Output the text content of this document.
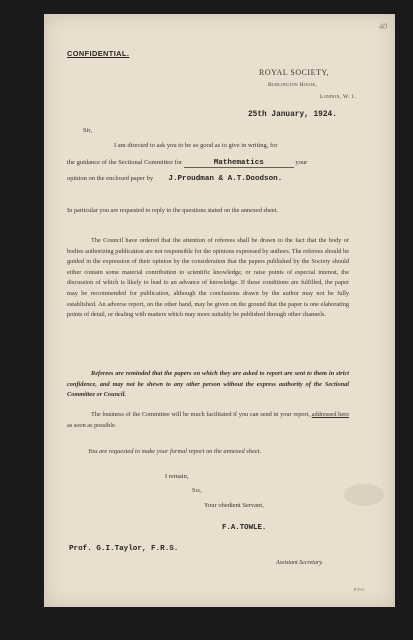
40
CONFIDENTIAL.
ROYAL SOCIETY,
Burlington House,
London, W. 1.
25th January, 1924.
Sir,
I am directed to ask you to be so good as to give in writing, for
the guidance of the Sectional Committee for	Mathematics	your
opinion on the enclosed paper by J.Proudman & A.T.Doodson.
In particular you are requested to reply to the questions stated on the annexed sheet.
The Council have ordered that the attention of referees shall be drawn to the fact that the body or bodies authorizing publication are not responsible for the opinions expressed by authors. The referees should be guided in the expression of their opinion by the consideration that the papers published by the Society should either contain some material contribution to scientific knowledge, or raise points of especial interest, the discussion of which is likely to lead to an advance of knowledge. If these conditions are fulfilled, the paper may be recommended for publication, although the conclusions drawn by the author may not be fully established. An adverse report, on the other hand, may be given on the ground that the paper is one elaborating points of detail, or dealing with matters which may more suitably be published through other channels.
Referees are reminded that the papers on which they are asked to report are sent to them in strict confidence, and may not be shewn to any other person without the express authority of the Sectional Committee or Council.
The business of the Committee will be much facilitated if you can send in your report, addressed here as soon as possible.
You are requested to make your formal report on the annexed sheet.
I remain,
Sir,
Your obedient Servant,
F.A.TOWLE.
Prof. G.I.Taylor, F.R.S.
Assistant Secretary.
P.T.O.
